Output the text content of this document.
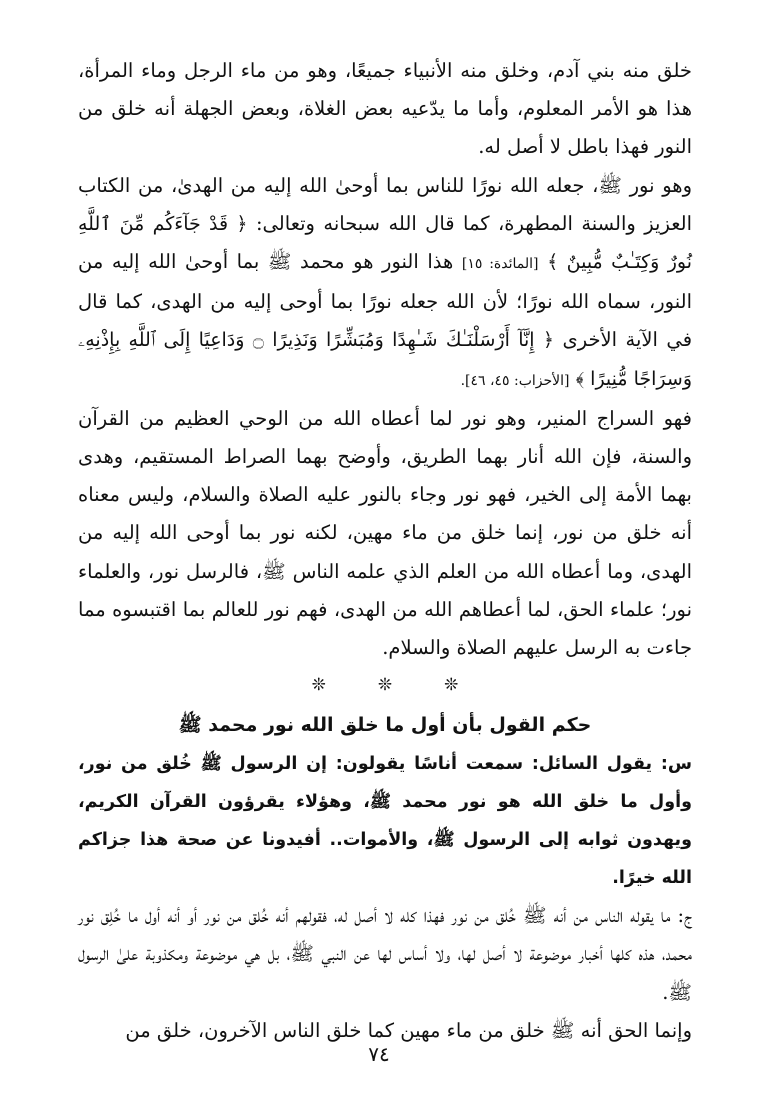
خلق منه بني آدم، وخلق منه الأنبياء جميعًا، وهو من ماء الرجل وماء المرأة، هذا هو الأمر المعلوم، وأما ما يدّعيه بعض الغلاة، وبعض الجهلة أنه خلق من النور فهذا باطل لا أصل له.

وهو نور ﷺ، جعله الله نورًا للناس بما أوحىٰ الله إليه من الهدىٰ، من الكتاب العزيز والسنة المطهرة، كما قال الله سبحانه وتعالى: ﴿ قَدْ جَآءَكُم مِّنَ ٱللَّهِ نُورٌ وَكِتَـٰبٌ مُّبِينٌ ﴾ [المائدة: ١٥] هذا النور هو محمد ﷺ بما أوحىٰ الله إليه من النور، سماه الله نورًا؛ لأن الله جعله نورًا بما أوحى إليه من الهدى، كما قال في الآية الأخرى ﴿ إِنَّآ أَرْسَلْنَـٰكَ شَـٰهِدًا وَمُبَشِّرًا وَنَذِيرًا ۝ وَدَاعِيًا إِلَى ٱللَّهِ بِإِذْنِهِۦ وَسِرَاجًا مُّنِيرًا ﴾ [الأحزاب: ٤٥، ٤٦].

فهو السراج المنير، وهو نور لما أعطاه الله من الوحي العظيم من القرآن والسنة، فإن الله أنار بهما الطريق، وأوضح بهما الصراط المستقيم، وهدى بهما الأمة إلى الخير، فهو نور وجاء بالنور عليه الصلاة والسلام، وليس معناه أنه خلق من نور، إنما خلق من ماء مهين، لكنه نور بما أوحى الله إليه من الهدى، وما أعطاه الله من العلم الذي علمه الناس ﷺ، فالرسل نور، والعلماء نور؛ علماء الحق، لما أعطاهم الله من الهدى، فهم نور للعالم بما اقتبسوه مما جاءت به الرسل عليهم الصلاة والسلام.

❊
❊
❊
حكم القول بأن أول ما خلق الله نور محمد ﷺ

س: يقول السائل: سمعت أناسًا يقولون: إن الرسول ﷺ خُلق من نور، وأول ما خلق الله هو نور محمد ﷺ، وهؤلاء يقرؤون القرآن الكريم، ويهدون ثوابه إلى الرسول ﷺ، والأموات.. أفيدونا عن صحة هذا جزاكم الله خيرًا.

ج: ما يقوله الناس من أنه ﷺ خُلق من نور فهذا كله لا أصل له، فقولهم أنه خُلق من نور أو أنه أول ما خُلِق نور محمد، هذه كلها أخبار موضوعة لا أصل لها، ولا أساس لها عن النبي ﷺ، بل هي موضوعة ومكذوبة علىٰ الرسول ﷺ.

وإنما الحق أنه ﷺ خلق من ماء مهين كما خلق الناس الآخرون، خلق من

٧٤
